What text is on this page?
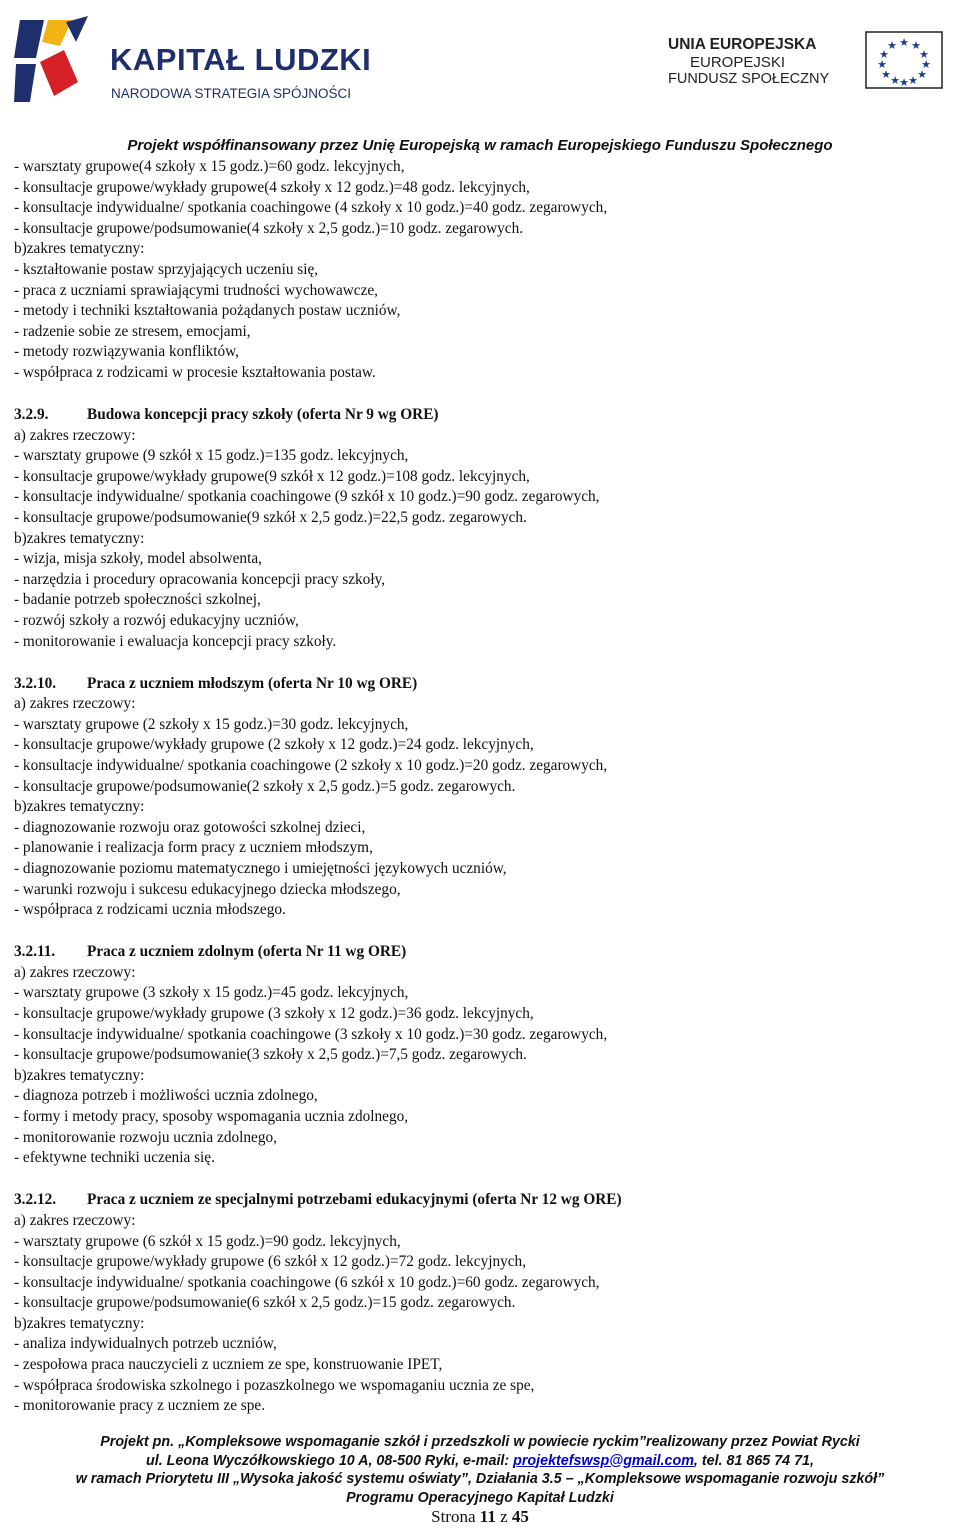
KAPITAŁ LUDZKI
NARODOWA STRATEGIA SPÓJNOŚCI
UNIA EUROPEJSKA
EUROPEJSKI
FUNDUSZ SPOŁECZNY
★ ★
★
★
★
★
★
★
★
★
★
★
Projekt współfinansowany przez Unię Europejską w ramach Europejskiego Funduszu Społecznego
- warsztaty grupowe(4 szkoły x 15 godz.)=60 godz. lekcyjnych,
- konsultacje grupowe/wykłady grupowe(4 szkoły x 12 godz.)=48 godz. lekcyjnych,
- konsultacje indywidualne/ spotkania coachingowe (4 szkoły x 10 godz.)=40 godz. zegarowych,
- konsultacje grupowe/podsumowanie(4 szkoły x 2,5 godz.)=10 godz. zegarowych.
b)zakres tematyczny:
- kształtowanie postaw sprzyjających uczeniu się,
- praca z uczniami sprawiającymi trudności wychowawcze,
- metody i techniki kształtowania pożądanych postaw uczniów,
- radzenie sobie ze stresem, emocjami,
- metody rozwiązywania konfliktów,
- współpraca z rodzicami w procesie kształtowania postaw.
3.2.9.	Budowa koncepcji pracy szkoły (oferta Nr 9 wg ORE)
a) zakres rzeczowy:
- warsztaty grupowe (9 szkół x 15 godz.)=135 godz. lekcyjnych,
- konsultacje grupowe/wykłady grupowe(9 szkół x 12 godz.)=108 godz. lekcyjnych,
- konsultacje indywidualne/ spotkania coachingowe (9 szkół x 10 godz.)=90 godz. zegarowych,
- konsultacje grupowe/podsumowanie(9 szkół x 2,5 godz.)=22,5 godz. zegarowych.
b)zakres tematyczny:
- wizja, misja szkoły, model absolwenta,
- narzędzia i procedury opracowania koncepcji pracy szkoły,
- badanie potrzeb społeczności szkolnej,
- rozwój szkoły a rozwój edukacyjny uczniów,
- monitorowanie i ewaluacja koncepcji pracy szkoły.
3.2.10. Praca z uczniem młodszym (oferta Nr 10 wg ORE)
a) zakres rzeczowy:
- warsztaty grupowe (2 szkoły x 15 godz.)=30 godz. lekcyjnych,
- konsultacje grupowe/wykłady grupowe (2 szkoły x 12 godz.)=24 godz. lekcyjnych,
- konsultacje indywidualne/ spotkania coachingowe (2 szkoły x 10 godz.)=20 godz. zegarowych,
- konsultacje grupowe/podsumowanie(2 szkoły x 2,5 godz.)=5 godz. zegarowych.
b)zakres tematyczny:
- diagnozowanie rozwoju oraz gotowości szkolnej dzieci,
- planowanie i realizacja form pracy z uczniem młodszym,
- diagnozowanie poziomu matematycznego i umiejętności językowych uczniów,
- warunki rozwoju i sukcesu edukacyjnego dziecka młodszego,
- współpraca z rodzicami ucznia młodszego.
3.2.11. Praca z uczniem zdolnym (oferta Nr 11 wg ORE)
a) zakres rzeczowy:
- warsztaty grupowe (3 szkoły x 15 godz.)=45 godz. lekcyjnych,
- konsultacje grupowe/wykłady grupowe (3 szkoły x 12 godz.)=36 godz. lekcyjnych,
- konsultacje indywidualne/ spotkania coachingowe (3 szkoły x 10 godz.)=30 godz. zegarowych,
- konsultacje grupowe/podsumowanie(3 szkoły x 2,5 godz.)=7,5 godz. zegarowych.
b)zakres tematyczny:
- diagnoza potrzeb i możliwości ucznia zdolnego,
- formy i metody pracy, sposoby wspomagania ucznia zdolnego,
- monitorowanie rozwoju ucznia zdolnego,
- efektywne techniki uczenia się.
3.2.12. Praca z uczniem ze specjalnymi potrzebami edukacyjnymi (oferta Nr 12 wg ORE)
a) zakres rzeczowy:
- warsztaty grupowe (6 szkół x 15 godz.)=90 godz. lekcyjnych,
- konsultacje grupowe/wykłady grupowe (6 szkół x 12 godz.)=72 godz. lekcyjnych,
- konsultacje indywidualne/ spotkania coachingowe (6 szkół x 10 godz.)=60 godz. zegarowych,
- konsultacje grupowe/podsumowanie(6 szkół x 2,5 godz.)=15 godz. zegarowych.
b)zakres tematyczny:
- analiza indywidualnych potrzeb uczniów,
- zespołowa praca nauczycieli z uczniem ze spe, konstruowanie IPET,
- współpraca środowiska szkolnego i pozaszkolnego we wspomaganiu ucznia ze spe,
- monitorowanie pracy z uczniem ze spe.
Projekt pn. „Kompleksowe wspomaganie szkół i przedszkoli w powiecie ryckim”realizowany przez Powiat Rycki
ul. Leona Wyczółkowskiego 10 A, 08-500 Ryki, e-mail: projektefswsp@gmail.com, tel. 81 865 74 71,
w ramach Priorytetu III „Wysoka jakość systemu oświaty”, Działania 3.5 – „Kompleksowe wspomaganie rozwoju szkół”
Programu Operacyjnego Kapitał Ludzki
Strona 11 z 45
